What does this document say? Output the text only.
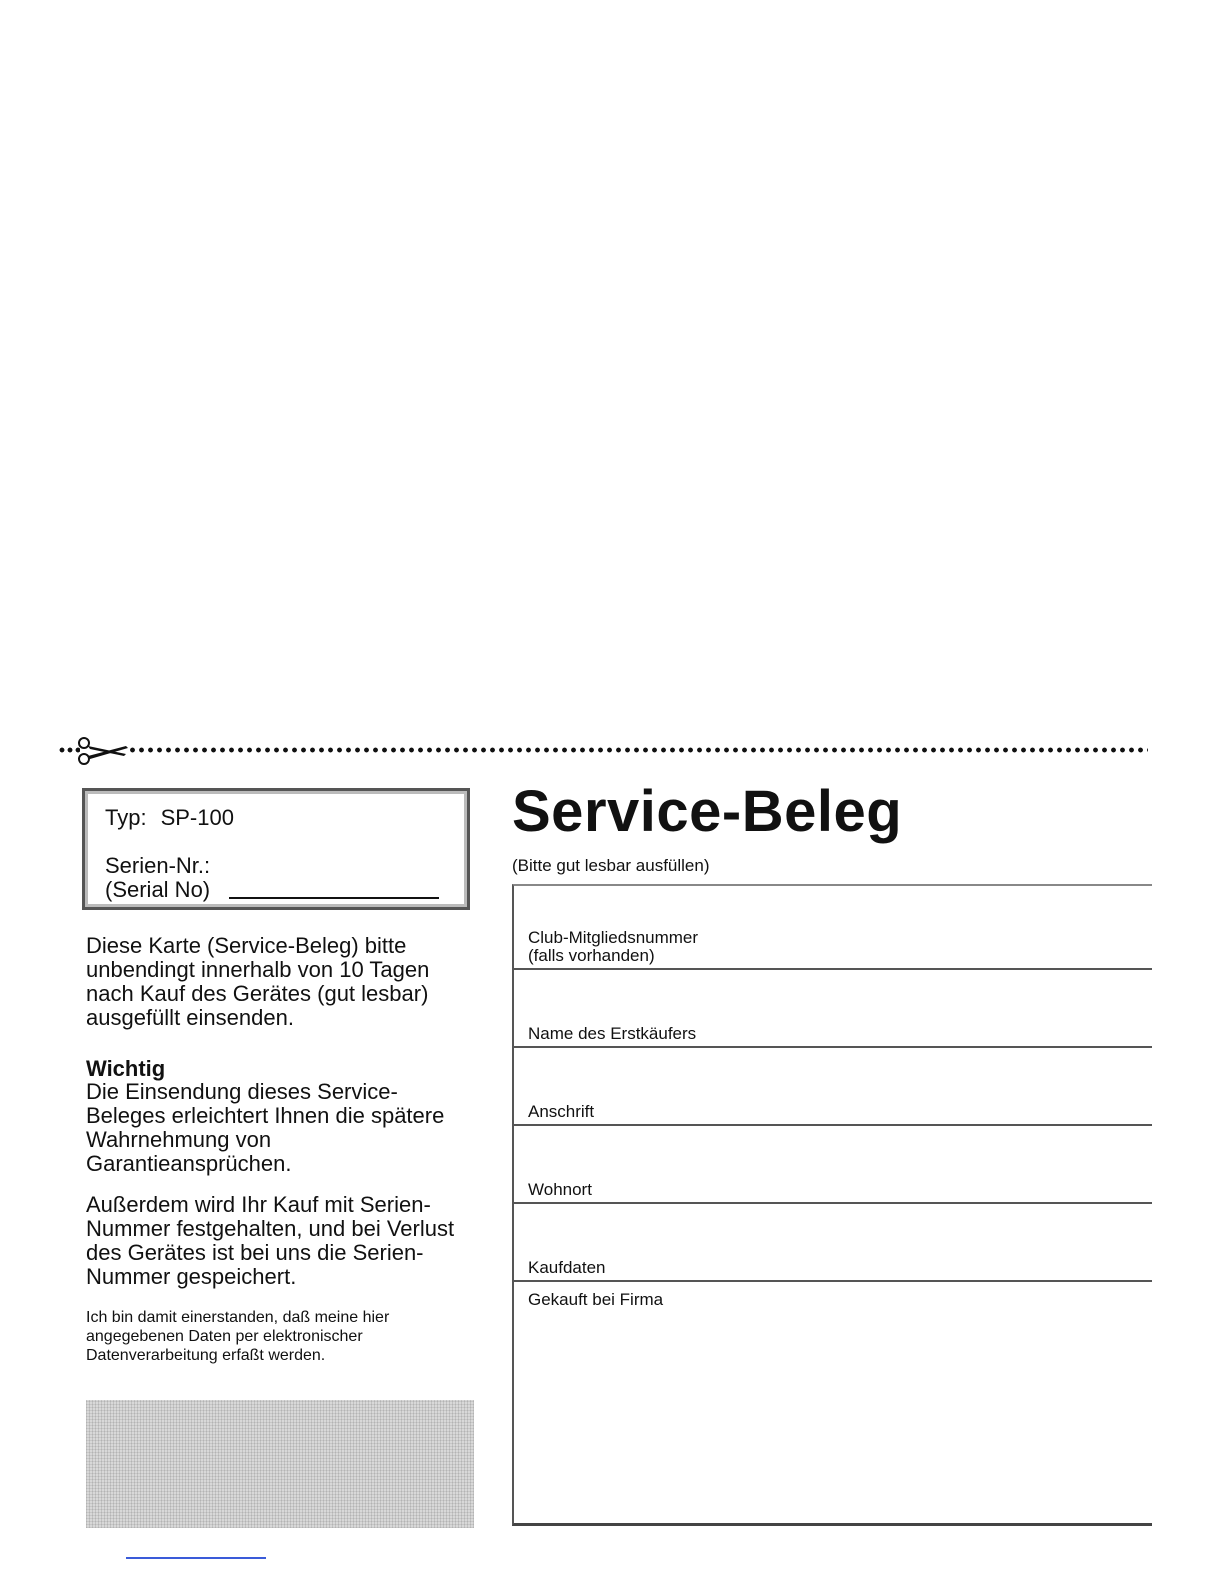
Typ: SP-100
Serien-Nr.:
(Serial No)
Diese Karte (Service-Beleg) bitte unbendingt innerhalb von 10 Tagen nach Kauf des Gerätes (gut lesbar) ausgefüllt einsenden.
Wichtig
Die Einsendung dieses Service-Beleges erleichtert Ihnen die spätere Wahrnehmung von Garantieansprüchen.
Außerdem wird Ihr Kauf mit Serien-Nummer festgehalten, und bei Verlust des Gerätes ist bei uns die Serien-Nummer gespeichert.
Ich bin damit einerstanden, daß meine hier angegebenen Daten per elektronischer Datenverarbeitung erfaßt werden.
Service-Beleg
(Bitte gut lesbar ausfüllen)
Club-Mitgliedsnummer
(falls vorhanden)
Name des Erstkäufers
Anschrift
Wohnort
Kaufdaten
Gekauft bei Firma
